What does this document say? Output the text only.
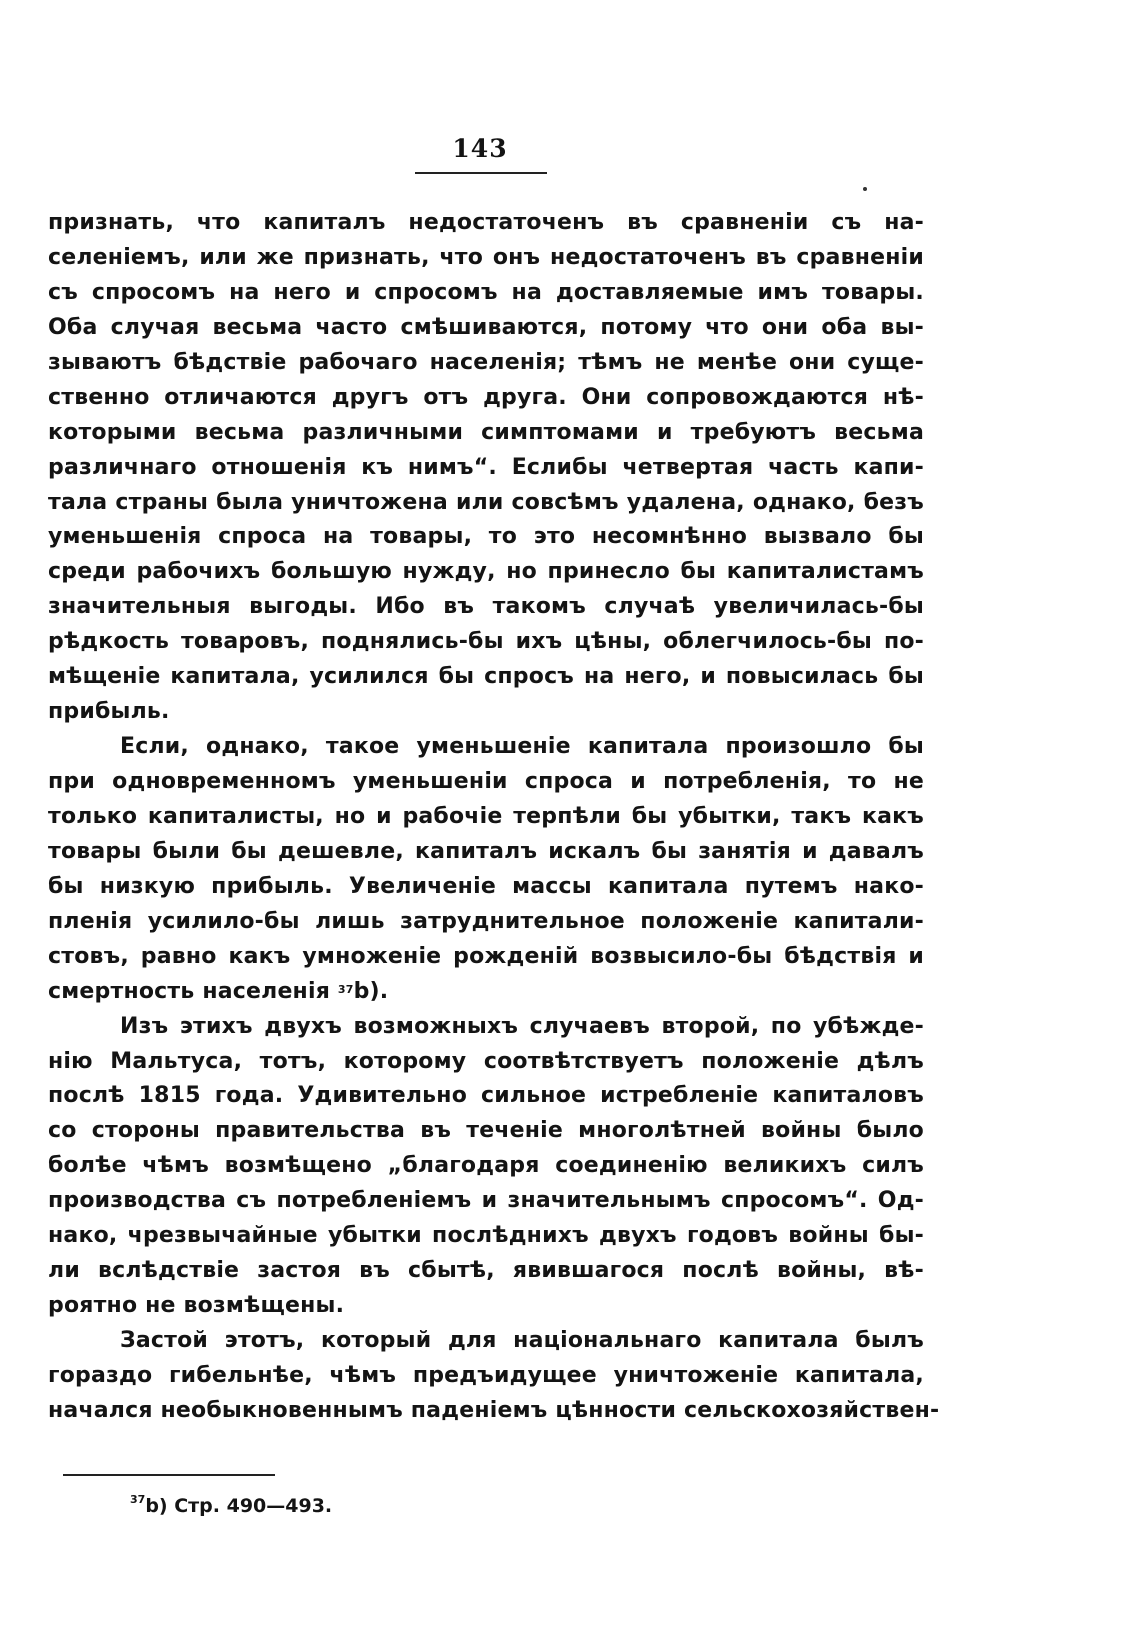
143
признать, что капиталъ недостаточенъ въ сравненіи съ на-
селеніемъ, или же признать, что онъ недостаточенъ въ сравненіи
съ спросомъ на него и спросомъ на доставляемые имъ товары.
Оба случая весьма часто смѣшиваются, потому что они оба вы-
зываютъ бѣдствіе рабочаго населенія; тѣмъ не менѣе они суще-
ственно отличаются другъ отъ друга. Они сопровождаются нѣ-
которыми весьма различными симптомами и требуютъ весьма
различнаго отношенія къ нимъ“. Еслибы четвертая часть капи-
тала страны была уничтожена или совсѣмъ удалена, однако, безъ
уменьшенія спроса на товары, то это несомнѣнно вызвало бы
среди рабочихъ большую нужду, но принесло бы капиталистамъ
значительныя выгоды. Ибо въ такомъ случаѣ увеличилась-бы
рѣдкость товаровъ, поднялись-бы ихъ цѣны, облегчилось-бы по-
мѣщеніе капитала, усилился бы спросъ на него, и повысилась бы
прибыль.
Если, однако, такое уменьшеніе капитала произошло бы
при одновременномъ уменьшеніи спроса и потребленія, то не
только капиталисты, но и рабочіе терпѣли бы убытки, такъ какъ
товары были бы дешевле, капиталъ искалъ бы занятія и давалъ
бы низкую прибыль. Увеличеніе массы капитала путемъ нако-
пленія усилило-бы лишь затруднительное положеніе капитали-
стовъ, равно какъ умноженіе рожденій возвысило-бы бѣдствія и
смертность населенія $^{37}$b).
Изъ этихъ двухъ возможныхъ случаевъ второй, по убѣжде-
нію Мальтуса, тотъ, которому соотвѣтствуетъ положеніе дѣлъ
послѣ 1815 года. Удивительно сильное истребленіе капиталовъ
со стороны правительства въ теченіе многолѣтней войны было
болѣе чѣмъ возмѣщено „благодаря соединенію великихъ силъ
производства съ потребленіемъ и значительнымъ спросомъ“. Од-
нако, чрезвычайные убытки послѣднихъ двухъ годовъ войны бы-
ли вслѣдствіе застоя въ сбытѣ, явившагося послѣ войны, вѣ-
роятно не возмѣщены.
Застой этотъ, который для національнаго капитала былъ
гораздо гибельнѣе, чѣмъ предъидущее уничтоженіе капитала,
начался необыкновеннымъ паденіемъ цѣнности сельскохозяйствен-
$^{37}$b) Стр. 490—493.
